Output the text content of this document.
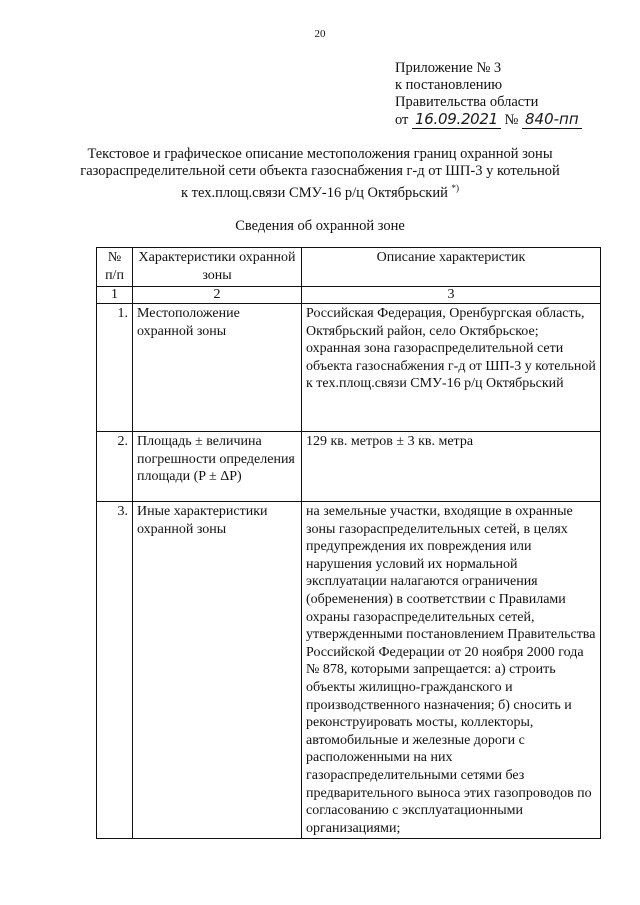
20
Приложение № 3
к постановлению
Правительства области
от 16.09.2021 № 840-пп
Текстовое и графическое описание местоположения границ охранной зоны газораспределительной сети объекта газоснабжения г-д от ШП-3 у котельной к тех.площ.связи СМУ-16 р/ц Октябрьский *)
Сведения об охранной зоне
№ п/п	Характеристики охранной зоны	Описание характеристик
1	2	3
1.	Местоположение охранной зоны	Российская Федерация, Оренбургская область, Октябрьский район, село Октябрьское; охранная зона газораспределительной сети объекта газоснабжения г-д от ШП-3 у котельной к тех.площ.связи СМУ-16 р/ц Октябрьский
2.	Площадь ± величина погрешности определения площади (P ± ΔP)	129 кв. метров ± 3 кв. метра
3.	Иные характеристики охранной зоны	на земельные участки, входящие в охранные зоны газораспределительных сетей, в целях предупреждения их повреждения или нарушения условий их нормальной эксплуатации налагаются ограничения (обременения) в соответствии с Правилами охраны газораспределительных сетей, утвержденными постановлением Правительства Российской Федерации от 20 ноября 2000 года № 878, которыми запрещается: а) строить объекты жилищно-гражданского и производственного назначения; б) сносить и реконструировать мосты, коллекторы, автомобильные и железные дороги с расположенными на них газораспределительными сетями без предварительного выноса этих газопроводов по согласованию с эксплуатационными организациями;
